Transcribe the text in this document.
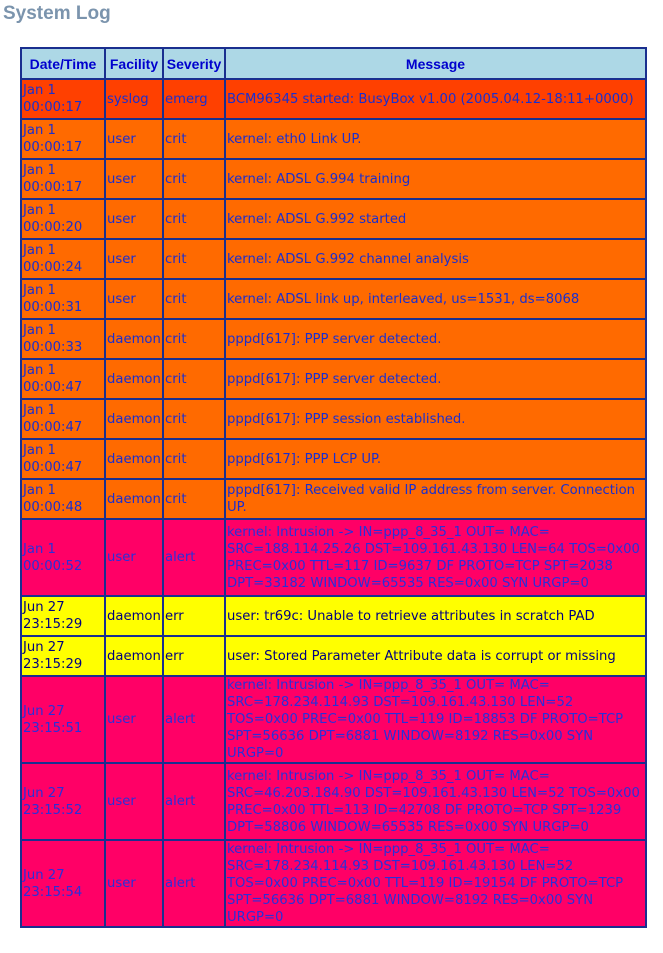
System Log
Date/Time	Facility	Severity	Message
Jan 1
00:00:17	syslog	emerg	BCM96345 started: BusyBox v1.00 (2005.04.12-18:11+0000)
Jan 1
00:00:17	user	crit	kernel: eth0 Link UP.
Jan 1
00:00:17	user	crit	kernel: ADSL G.994 training
Jan 1
00:00:20	user	crit	kernel: ADSL G.992 started
Jan 1
00:00:24	user	crit	kernel: ADSL G.992 channel analysis
Jan 1
00:00:31	user	crit	kernel: ADSL link up, interleaved, us=1531, ds=8068
Jan 1
00:00:33	daemon	crit	pppd[617]: PPP server detected.
Jan 1
00:00:47	daemon	crit	pppd[617]: PPP server detected.
Jan 1
00:00:47	daemon	crit	pppd[617]: PPP session established.
Jan 1
00:00:47	daemon	crit	pppd[617]: PPP LCP UP.
Jan 1
00:00:48	daemon	crit	pppd[617]: Received valid IP address from server. Connection UP.
Jan 1
00:00:52	user	alert	kernel: Intrusion -> IN=ppp_8_35_1 OUT= MAC= SRC=188.114.25.26 DST=109.161.43.130 LEN=64 TOS=0x00 PREC=0x00 TTL=117 ID=9637 DF PROTO=TCP SPT=2038 DPT=33182 WINDOW=65535 RES=0x00 SYN URGP=0
Jun 27
23:15:29	daemon	err	user: tr69c: Unable to retrieve attributes in scratch PAD
Jun 27
23:15:29	daemon	err	user: Stored Parameter Attribute data is corrupt or missing
Jun 27
23:15:51	user	alert	kernel: Intrusion -> IN=ppp_8_35_1 OUT= MAC= SRC=178.234.114.93 DST=109.161.43.130 LEN=52 TOS=0x00 PREC=0x00 TTL=119 ID=18853 DF PROTO=TCP SPT=56636 DPT=6881 WINDOW=8192 RES=0x00 SYN URGP=0
Jun 27
23:15:52	user	alert	kernel: Intrusion -> IN=ppp_8_35_1 OUT= MAC= SRC=46.203.184.90 DST=109.161.43.130 LEN=52 TOS=0x00 PREC=0x00 TTL=113 ID=42708 DF PROTO=TCP SPT=1239 DPT=58806 WINDOW=65535 RES=0x00 SYN URGP=0
Jun 27
23:15:54	user	alert	kernel: Intrusion -> IN=ppp_8_35_1 OUT= MAC= SRC=178.234.114.93 DST=109.161.43.130 LEN=52 TOS=0x00 PREC=0x00 TTL=119 ID=19154 DF PROTO=TCP SPT=56636 DPT=6881 WINDOW=8192 RES=0x00 SYN URGP=0
